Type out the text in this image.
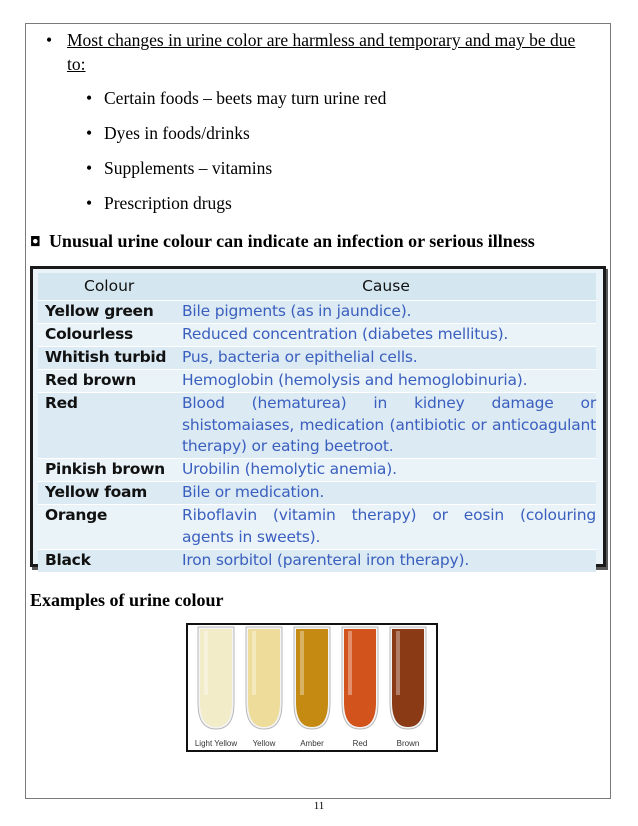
• Most changes in urine color are harmless and temporary and may be due to:
• Certain foods – beets may turn urine red
• Dyes in foods/drinks
• Supplements – vitamins
• Prescription drugs
◘ Unusual urine colour can indicate an infection or serious illness
Colour	Cause
Yellow green	Bile pigments (as in jaundice).
Colourless	Reduced concentration (diabetes mellitus).
Whitish turbid	Pus, bacteria or epithelial cells.
Red brown	Hemoglobin (hemolysis and hemoglobinuria).
Red	Blood (hematurea) in kidney damage or shistomaiases, medication (antibiotic or anticoagulant therapy) or eating beetroot.
Pinkish brown	Urobilin (hemolytic anemia).
Yellow foam	Bile or medication.
Orange	Riboflavin (vitamin therapy) or eosin (colouring agents in sweets).
Black	Iron sorbitol (parenteral iron therapy).
Examples of urine colour
Light Yellow	Yellow	Amber	Red	Brown
11
